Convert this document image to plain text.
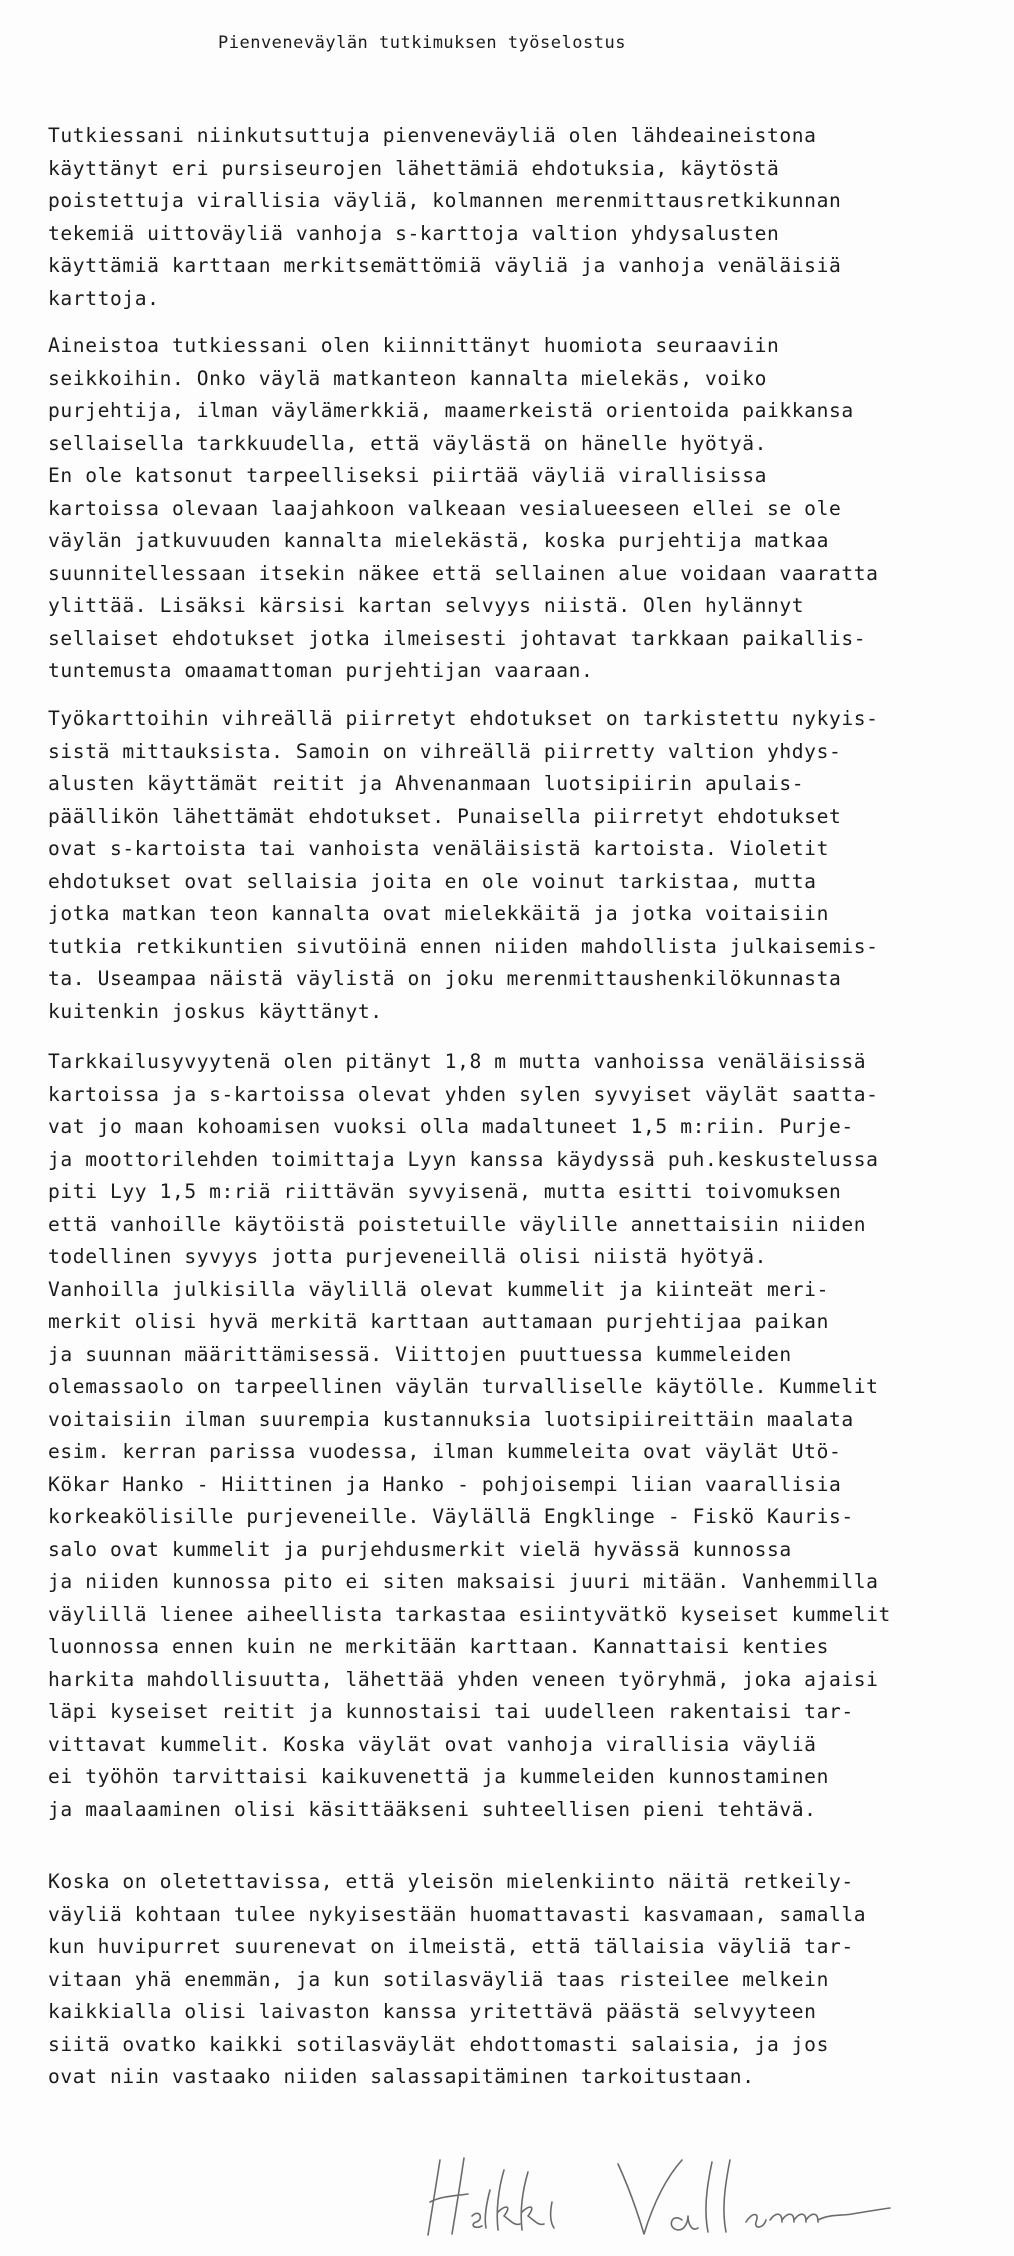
Pienveneväylän tutkimuksen työselostus
Tutkiessani niinkutsuttuja pienveneväyliä olen lähdeaineistona
käyttänyt eri pursiseurojen lähettämiä ehdotuksia, käytöstä
poistettuja virallisia väyliä, kolmannen merenmittausretkikunnan
tekemiä uittoväyliä vanhoja s-karttoja valtion yhdysalusten
käyttämiä karttaan merkitsemättömiä väyliä ja vanhoja venäläisiä
karttoja.
Aineistoa tutkiessani olen kiinnittänyt huomiota seuraaviin
seikkoihin. Onko väylä matkanteon kannalta mielekäs, voiko
purjehtija, ilman väylämerkkiä, maamerkeistä orientoida paikkansa
sellaisella tarkkuudella, että väylästä on hänelle hyötyä.
En ole katsonut tarpeelliseksi piirtää väyliä virallisissa
kartoissa olevaan laajahkoon valkeaan vesialueeseen ellei se ole
väylän jatkuvuuden kannalta mielekästä, koska purjehtija matkaa
suunnitellessaan itsekin näkee että sellainen alue voidaan vaaratta
ylittää. Lisäksi kärsisi kartan selvyys niistä. Olen hylännyt
sellaiset ehdotukset jotka ilmeisesti johtavat tarkkaan paikallis-
tuntemusta omaamattoman purjehtijan vaaraan.
Työkarttoihin vihreällä piirretyt ehdotukset on tarkistettu nykyis-
sistä mittauksista. Samoin on vihreällä piirretty valtion yhdys-
alusten käyttämät reitit ja Ahvenanmaan luotsipiirin apulais-
päällikön lähettämät ehdotukset. Punaisella piirretyt ehdotukset
ovat s-kartoista tai vanhoista venäläisistä kartoista. Violetit
ehdotukset ovat sellaisia joita en ole voinut tarkistaa, mutta
jotka matkan teon kannalta ovat mielekkäitä ja jotka voitaisiin
tutkia retkikuntien sivutöinä ennen niiden mahdollista julkaisemis-
ta. Useampaa näistä väylistä on joku merenmittaushenkilökunnasta
kuitenkin joskus käyttänyt.
Tarkkailusyvyytenä olen pitänyt 1,8 m mutta vanhoissa venäläisissä
kartoissa ja s-kartoissa olevat yhden sylen syvyiset väylät saatta-
vat jo maan kohoamisen vuoksi olla madaltuneet 1,5 m:riin. Purje-
ja moottorilehden toimittaja Lyyn kanssa käydyssä puh.keskustelussa
piti Lyy 1,5 m:riä riittävän syvyisenä, mutta esitti toivomuksen
että vanhoille käytöistä poistetuille väylille annettaisiin niiden
todellinen syvyys jotta purjeveneillä olisi niistä hyötyä.
Vanhoilla julkisilla väylillä olevat kummelit ja kiinteät meri-
merkit olisi hyvä merkitä karttaan auttamaan purjehtijaa paikan
ja suunnan määrittämisessä. Viittojen puuttuessa kummeleiden
olemassaolo on tarpeellinen väylän turvalliselle käytölle. Kummelit
voitaisiin ilman suurempia kustannuksia luotsipiireittäin maalata
esim. kerran parissa vuodessa, ilman kummeleita ovat väylät Utö-
Kökar Hanko - Hiittinen ja Hanko - pohjoisempi liian vaarallisia
korkeakölisille purjeveneille. Väylällä Engklinge - Fiskö Kauris-
salo ovat kummelit ja purjehdusmerkit vielä hyvässä kunnossa
ja niiden kunnossa pito ei siten maksaisi juuri mitään. Vanhemmilla
väylillä lienee aiheellista tarkastaa esiintyvätkö kyseiset kummelit
luonnossa ennen kuin ne merkitään karttaan. Kannattaisi kenties
harkita mahdollisuutta, lähettää yhden veneen työryhmä, joka ajaisi
läpi kyseiset reitit ja kunnostaisi tai uudelleen rakentaisi tar-
vittavat kummelit. Koska väylät ovat vanhoja virallisia väyliä
ei työhön tarvittaisi kaikuvenettä ja kummeleiden kunnostaminen
ja maalaaminen olisi käsittääkseni suhteellisen pieni tehtävä.
Koska on oletettavissa, että yleisön mielenkiinto näitä retkeily-
väyliä kohtaan tulee nykyisestään huomattavasti kasvamaan, samalla
kun huvipurret suurenevat on ilmeistä, että tällaisia väyliä tar-
vitaan yhä enemmän, ja kun sotilasväyliä taas risteilee melkein
kaikkialla olisi laivaston kanssa yritettävä päästä selvyyteen
siitä ovatko kaikki sotilasväylät ehdottomasti salaisia, ja jos
ovat niin vastaako niiden salassapitäminen tarkoitustaan.
